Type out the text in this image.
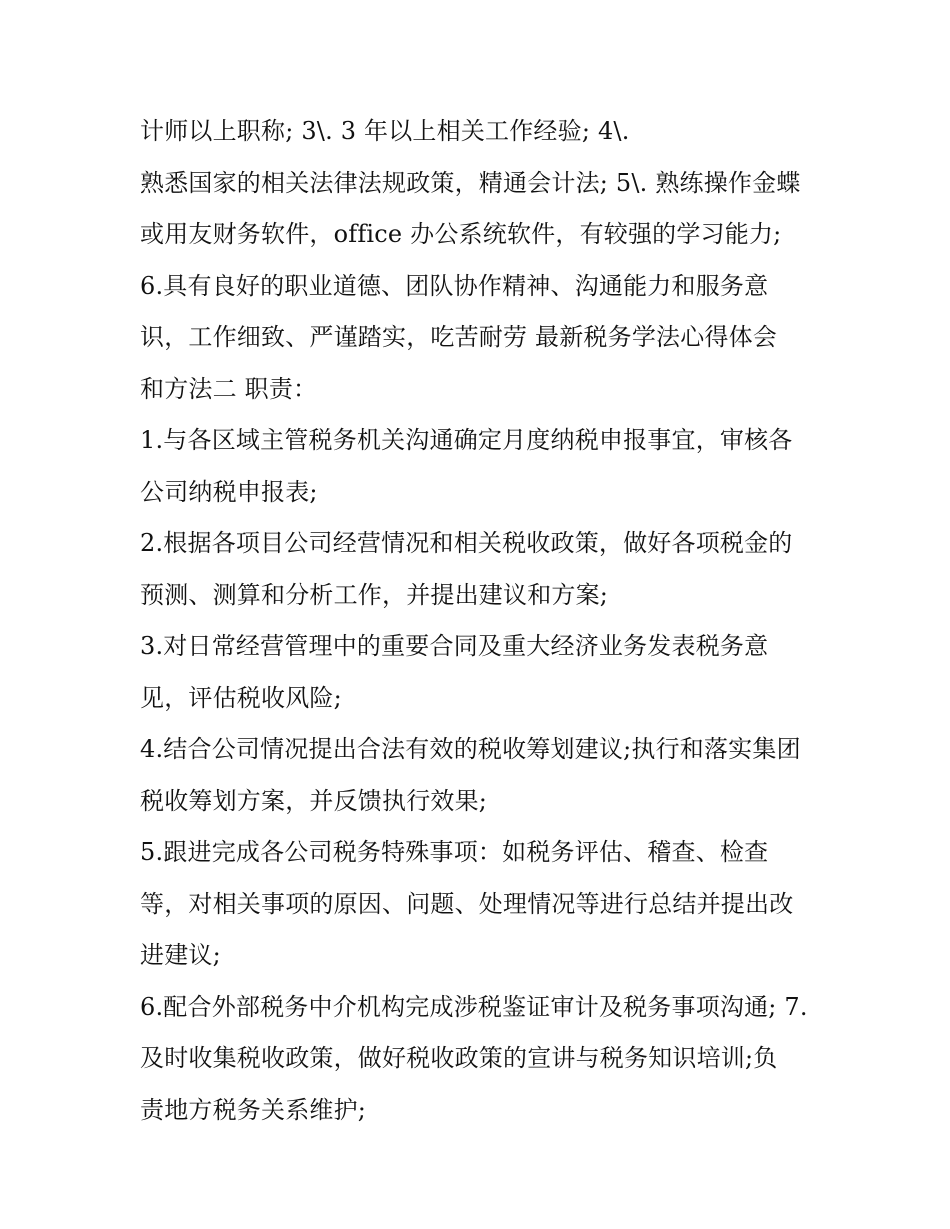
计师以上职称; 3\. 3 年以上相关工作经验; 4\.
熟悉国家的相关法律法规政策，精通会计法; 5\. 熟练操作金蝶
或用友财务软件，office 办公系统软件，有较强的学习能力;
6.具有良好的职业道德、团队协作精神、沟通能力和服务意
识，工作细致、严谨踏实，吃苦耐劳 最新税务学法心得体会
和方法二 职责：
1.与各区域主管税务机关沟通确定月度纳税申报事宜，审核各
公司纳税申报表;
2.根据各项目公司经营情况和相关税收政策，做好各项税金的
预测、测算和分析工作，并提出建议和方案;
3.对日常经营管理中的重要合同及重大经济业务发表税务意
见，评估税收风险;
4.结合公司情况提出合法有效的税收筹划建议;执行和落实集团
税收筹划方案，并反馈执行效果;
5.跟进完成各公司税务特殊事项：如税务评估、稽查、检查
等，对相关事项的原因、问题、处理情况等进行总结并提出改
进建议;
6.配合外部税务中介机构完成涉税鉴证审计及税务事项沟通; 7.
及时收集税收政策，做好税收政策的宣讲与税务知识培训;负
责地方税务关系维护;
